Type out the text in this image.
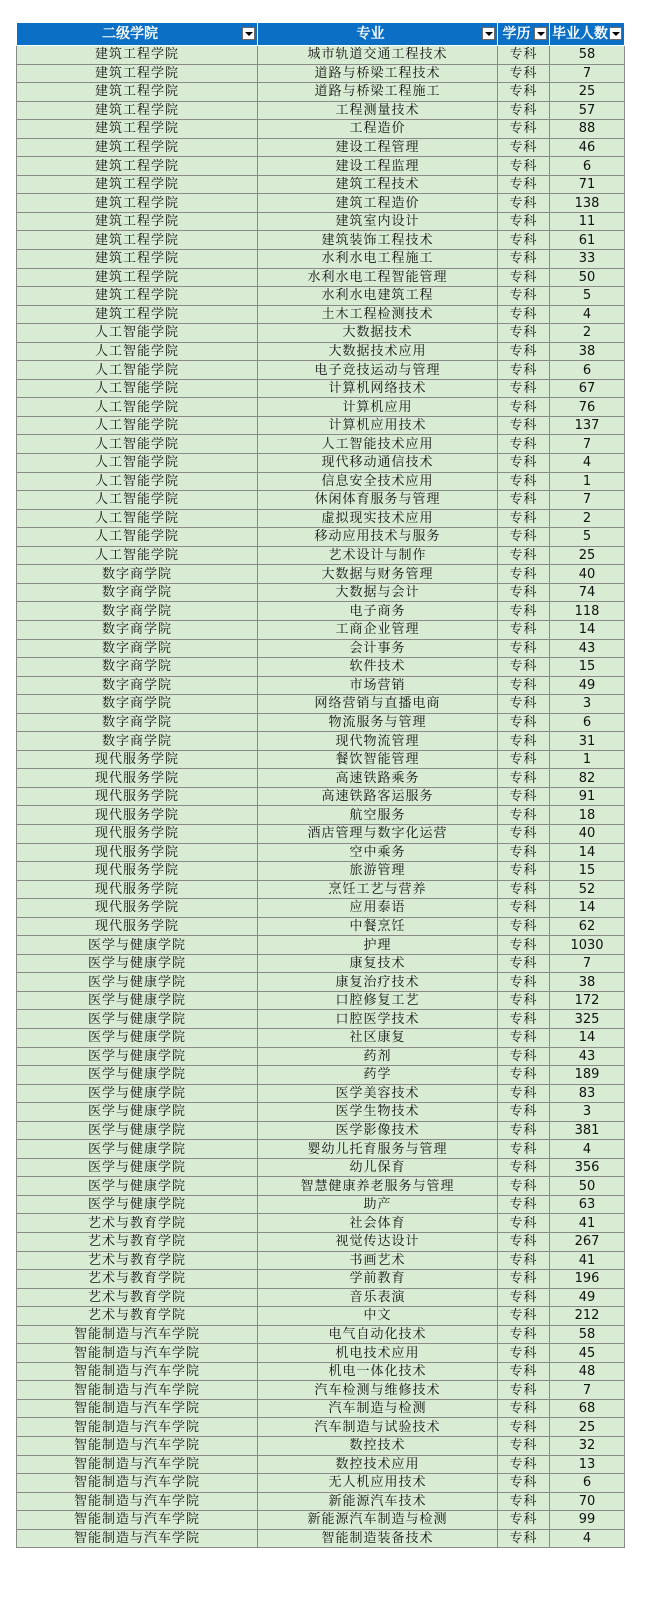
二级学院	专业	学历	毕业人数

建筑工程学院	城市轨道交通工程技术	专科	58
建筑工程学院	道路与桥梁工程技术	专科	7
建筑工程学院	道路与桥梁工程施工	专科	25
建筑工程学院	工程测量技术	专科	57
建筑工程学院	工程造价	专科	88
建筑工程学院	建设工程管理	专科	46
建筑工程学院	建设工程监理	专科	6
建筑工程学院	建筑工程技术	专科	71
建筑工程学院	建筑工程造价	专科	138
建筑工程学院	建筑室内设计	专科	11
建筑工程学院	建筑装饰工程技术	专科	61
建筑工程学院	水利水电工程施工	专科	33
建筑工程学院	水利水电工程智能管理	专科	50
建筑工程学院	水利水电建筑工程	专科	5
建筑工程学院	土木工程检测技术	专科	4
人工智能学院	大数据技术	专科	2
人工智能学院	大数据技术应用	专科	38
人工智能学院	电子竞技运动与管理	专科	6
人工智能学院	计算机网络技术	专科	67
人工智能学院	计算机应用	专科	76
人工智能学院	计算机应用技术	专科	137
人工智能学院	人工智能技术应用	专科	7
人工智能学院	现代移动通信技术	专科	4
人工智能学院	信息安全技术应用	专科	1
人工智能学院	休闲体育服务与管理	专科	7
人工智能学院	虚拟现实技术应用	专科	2
人工智能学院	移动应用技术与服务	专科	5
人工智能学院	艺术设计与制作	专科	25
数字商学院	大数据与财务管理	专科	40
数字商学院	大数据与会计	专科	74
数字商学院	电子商务	专科	118
数字商学院	工商企业管理	专科	14
数字商学院	会计事务	专科	43
数字商学院	软件技术	专科	15
数字商学院	市场营销	专科	49
数字商学院	网络营销与直播电商	专科	3
数字商学院	物流服务与管理	专科	6
数字商学院	现代物流管理	专科	31
现代服务学院	餐饮智能管理	专科	1
现代服务学院	高速铁路乘务	专科	82
现代服务学院	高速铁路客运服务	专科	91
现代服务学院	航空服务	专科	18
现代服务学院	酒店管理与数字化运营	专科	40
现代服务学院	空中乘务	专科	14
现代服务学院	旅游管理	专科	15
现代服务学院	烹饪工艺与营养	专科	52
现代服务学院	应用泰语	专科	14
现代服务学院	中餐烹饪	专科	62
医学与健康学院	护理	专科	1030
医学与健康学院	康复技术	专科	7
医学与健康学院	康复治疗技术	专科	38
医学与健康学院	口腔修复工艺	专科	172
医学与健康学院	口腔医学技术	专科	325
医学与健康学院	社区康复	专科	14
医学与健康学院	药剂	专科	43
医学与健康学院	药学	专科	189
医学与健康学院	医学美容技术	专科	83
医学与健康学院	医学生物技术	专科	3
医学与健康学院	医学影像技术	专科	381
医学与健康学院	婴幼儿托育服务与管理	专科	4
医学与健康学院	幼儿保育	专科	356
医学与健康学院	智慧健康养老服务与管理	专科	50
医学与健康学院	助产	专科	63
艺术与教育学院	社会体育	专科	41
艺术与教育学院	视觉传达设计	专科	267
艺术与教育学院	书画艺术	专科	41
艺术与教育学院	学前教育	专科	196
艺术与教育学院	音乐表演	专科	49
艺术与教育学院	中文	专科	212
智能制造与汽车学院	电气自动化技术	专科	58
智能制造与汽车学院	机电技术应用	专科	45
智能制造与汽车学院	机电一体化技术	专科	48
智能制造与汽车学院	汽车检测与维修技术	专科	7
智能制造与汽车学院	汽车制造与检测	专科	68
智能制造与汽车学院	汽车制造与试验技术	专科	25
智能制造与汽车学院	数控技术	专科	32
智能制造与汽车学院	数控技术应用	专科	13
智能制造与汽车学院	无人机应用技术	专科	6
智能制造与汽车学院	新能源汽车技术	专科	70
智能制造与汽车学院	新能源汽车制造与检测	专科	99
智能制造与汽车学院	智能制造装备技术	专科	4
